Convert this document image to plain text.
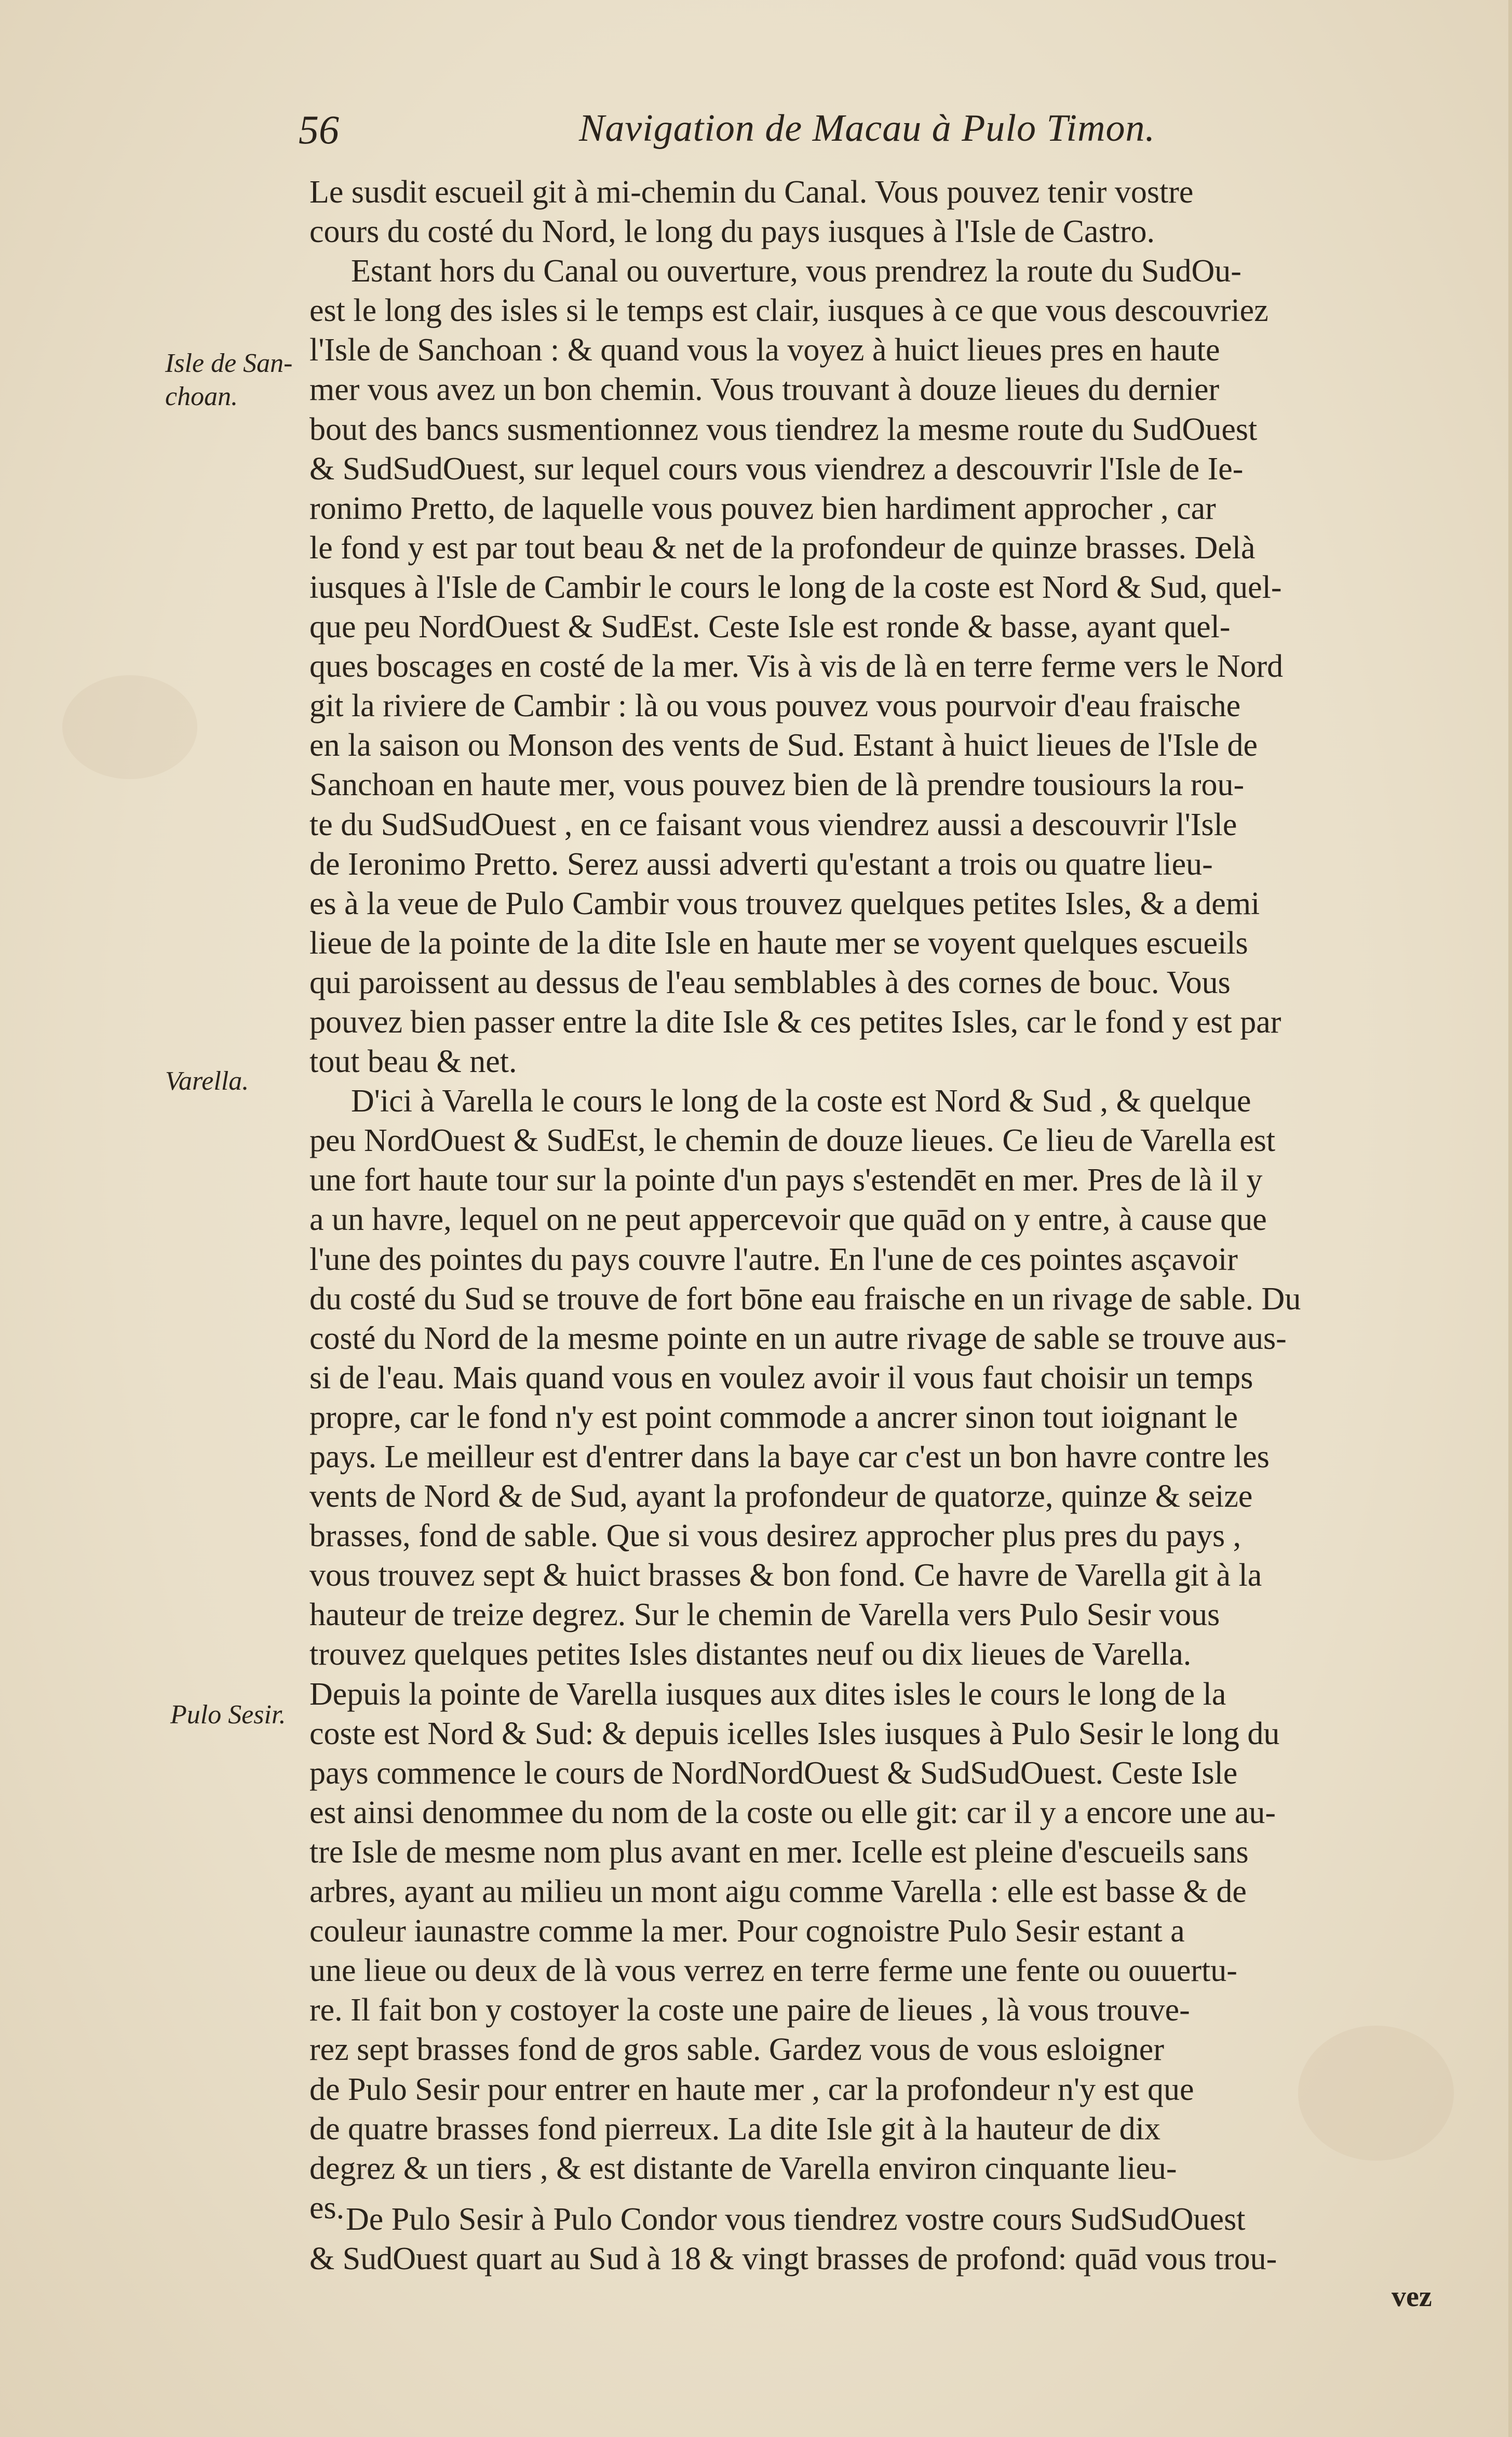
56	Navigation de Macau à Pulo Timon.
Isle de San-
choan.
Varella.
Pulo Sesir.
Le susdit escueil git à mi-chemin du Canal. Vous pouvez tenir vostre
cours du costé du Nord, le long du pays iusques à l'Isle de Castro.
Estant hors du Canal ou ouverture, vous prendrez la route du SudOu-
est le long des isles si le temps est clair, iusques à ce que vous descouvriez
l'Isle de Sanchoan : & quand vous la voyez à huict lieues pres en haute
mer vous avez un bon chemin. Vous trouvant à douze lieues du dernier
bout des bancs susmentionnez vous tiendrez la mesme route du SudOuest
& SudSudOuest, sur lequel cours vous viendrez a descouvrir l'Isle de Ie-
ronimo Pretto, de laquelle vous pouvez bien hardiment approcher , car
le fond y est par tout beau & net de la profondeur de quinze brasses. Delà
iusques à l'Isle de Cambir le cours le long de la coste est Nord & Sud, quel-
que peu NordOuest & SudEst. Ceste Isle est ronde & basse, ayant quel-
ques boscages en costé de la mer. Vis à vis de là en terre ferme vers le Nord
git la riviere de Cambir : là ou vous pouvez vous pourvoir d'eau fraische
en la saison ou Monson des vents de Sud. Estant à huict lieues de l'Isle de
Sanchoan en haute mer, vous pouvez bien de là prendre tousiours la rou-
te du SudSudOuest , en ce faisant vous viendrez aussi a descouvrir l'Isle
de Ieronimo Pretto. Serez aussi adverti qu'estant a trois ou quatre lieu-
es à la veue de Pulo Cambir vous trouvez quelques petites Isles, & a demi
lieue de la pointe de la dite Isle en haute mer se voyent quelques escueils
qui paroissent au dessus de l'eau semblables à des cornes de bouc. Vous
pouvez bien passer entre la dite Isle & ces petites Isles, car le fond y est par
tout beau & net.
D'ici à Varella le cours le long de la coste est Nord & Sud , & quelque
peu NordOuest & SudEst, le chemin de douze lieues. Ce lieu de Varella est
une fort haute tour sur la pointe d'un pays s'estendēt en mer. Pres de là il y
a un havre, lequel on ne peut appercevoir que quād on y entre, à cause que
l'une des pointes du pays couvre l'autre. En l'une de ces pointes asçavoir
du costé du Sud se trouve de fort bōne eau fraische en un rivage de sable. Du
costé du Nord de la mesme pointe en un autre rivage de sable se trouve aus-
si de l'eau. Mais quand vous en voulez avoir il vous faut choisir un temps
propre, car le fond n'y est point commode a ancrer sinon tout ioignant le
pays. Le meilleur est d'entrer dans la baye car c'est un bon havre contre les
vents de Nord & de Sud, ayant la profondeur de quatorze, quinze & seize
brasses, fond de sable. Que si vous desirez approcher plus pres du pays ,
vous trouvez sept & huict brasses & bon fond. Ce havre de Varella git à la
hauteur de treize degrez. Sur le chemin de Varella vers Pulo Sesir vous
trouvez quelques petites Isles distantes neuf ou dix lieues de Varella.
Depuis la pointe de Varella iusques aux dites isles le cours le long de la
coste est Nord & Sud: & depuis icelles Isles iusques à Pulo Sesir le long du
pays commence le cours de NordNordOuest & SudSudOuest. Ceste Isle
est ainsi denommee du nom de la coste ou elle git: car il y a encore une au-
tre Isle de mesme nom plus avant en mer. Icelle est pleine d'escueils sans
arbres, ayant au milieu un mont aigu comme Varella : elle est basse & de
couleur iaunastre comme la mer. Pour cognoistre Pulo Sesir estant a
une lieue ou deux de là vous verrez en terre ferme une fente ou ouuertu-
re. Il fait bon y costoyer la coste une paire de lieues , là vous trouve-
rez sept brasses fond de gros sable. Gardez vous de vous esloigner
de Pulo Sesir pour entrer en haute mer , car la profondeur n'y est que
de quatre brasses fond pierreux. La dite Isle git à la hauteur de dix
degrez & un tiers , & est distante de Varella environ cinquante lieu-
es. De Pulo Sesir à Pulo Condor vous tiendrez vostre cours SudSudOuest
& SudOuest quart au Sud à 18 & vingt brasses de profond: quād vous trou-
vez
